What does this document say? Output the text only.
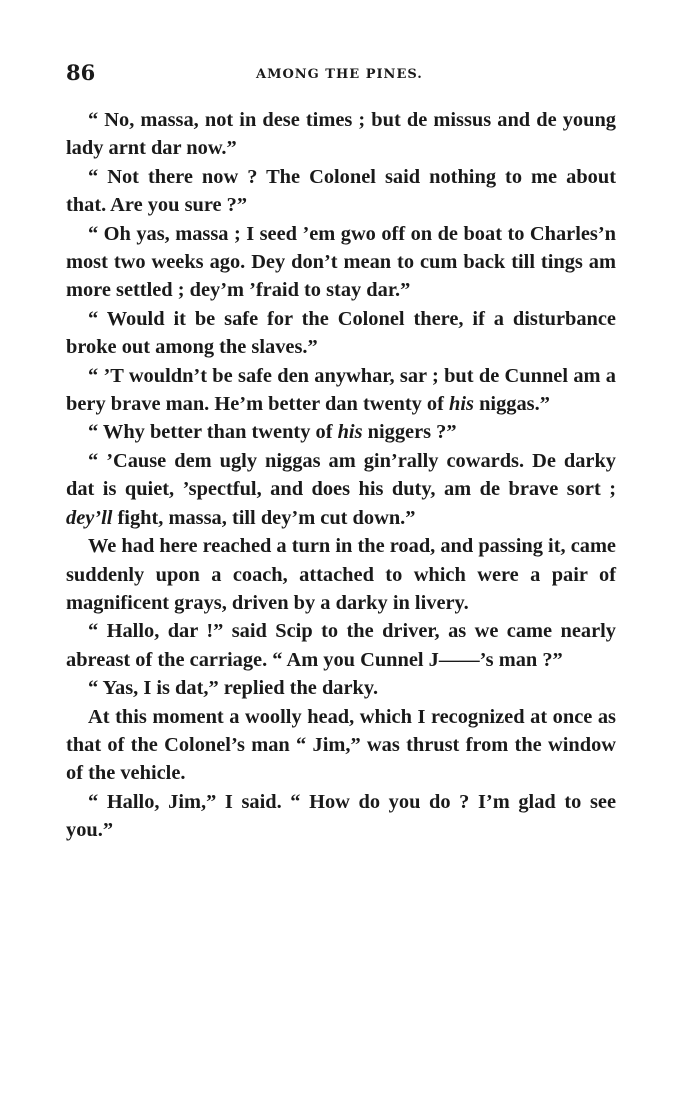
86	AMONG THE PINES.

“ No, massa, not in dese times ; but de missus and de young lady arnt dar now.”

“ Not there now ? The Colonel said nothing to me about that. Are you sure ?”

“ Oh yas, massa ; I seed ’em gwo off on de boat to Charles’n most two weeks ago. Dey don’t mean to cum back till tings am more settled ; dey’m ’fraid to stay dar.”

“ Would it be safe for the Colonel there, if a disturbance broke out among the slaves.”

“ ’T wouldn’t be safe den anywhar, sar ; but de Cunnel am a bery brave man. He’m better dan twenty of his niggas.”

“ Why better than twenty of his niggers ?”

“ ’Cause dem ugly niggas am gin’rally cowards. De darky dat is quiet, ’spectful, and does his duty, am de brave sort ; dey’ll fight, massa, till dey’m cut down.”

We had here reached a turn in the road, and passing it, came suddenly upon a coach, attached to which were a pair of magnificent grays, driven by a darky in livery.

“ Hallo, dar !” said Scip to the driver, as we came nearly abreast of the carriage. “ Am you Cunnel J——’s man ?”

“ Yas, I is dat,” replied the darky.

At this moment a woolly head, which I recognized at once as that of the Colonel’s man “ Jim,” was thrust from the window of the vehicle.

“ Hallo, Jim,” I said. “ How do you do ? I’m glad to see you.”
